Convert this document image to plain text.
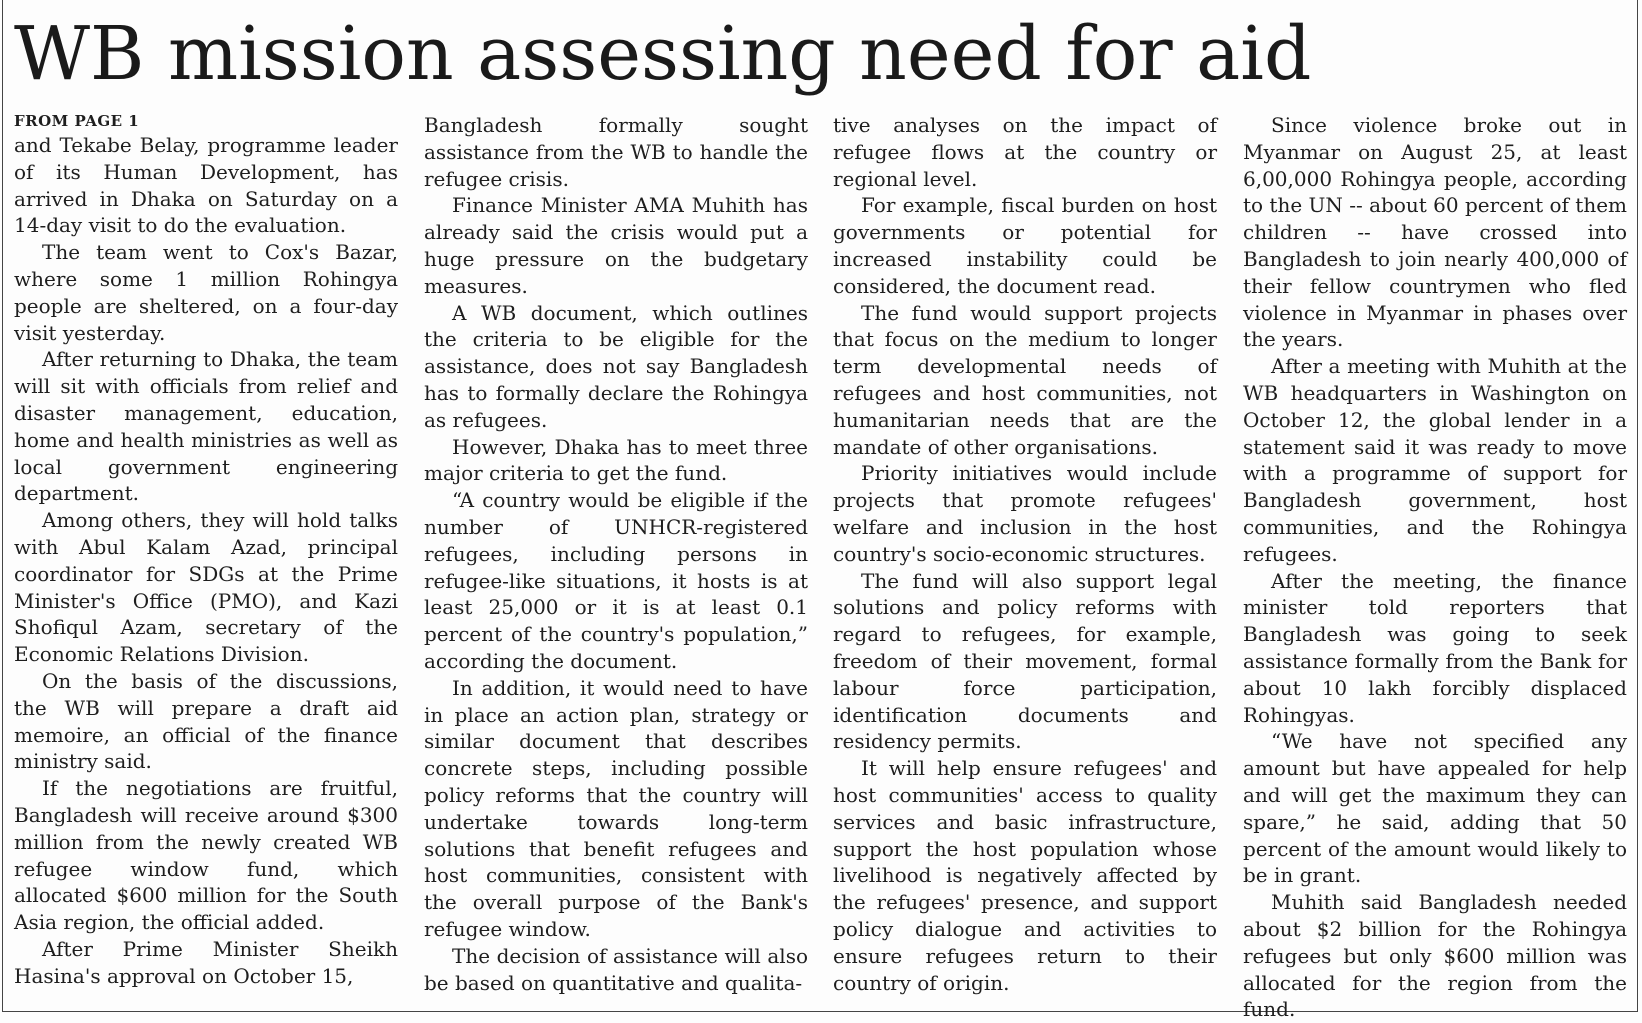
WB mission assessing need for aid
FROM PAGE 1

and Tekabe Belay, programme leader of its Human Development, has arrived in Dhaka on Saturday on a 14-day visit to do the evaluation.

The team went to Cox's Bazar, where some 1 million Rohingya people are sheltered, on a four-day visit yesterday.

After returning to Dhaka, the team will sit with officials from relief and disaster management, education, home and health ministries as well as local government engineering department.

Among others, they will hold talks with Abul Kalam Azad, principal coordinator for SDGs at the Prime Minister's Office (PMO), and Kazi Shofiqul Azam, secretary of the Economic Relations Division.

On the basis of the discussions, the WB will prepare a draft aid memoire, an official of the finance ministry said.

If the negotiations are fruitful, Bangladesh will receive around $300 million from the newly created WB refugee window fund, which allocated $600 million for the South Asia region, the official added.

After Prime Minister Sheikh Hasina's approval on October 15,

Bangladesh formally sought assistance from the WB to handle the refugee crisis.

Finance Minister AMA Muhith has already said the crisis would put a huge pressure on the budgetary measures.

A WB document, which outlines the criteria to be eligible for the assistance, does not say Bangladesh has to formally declare the Rohingya as refugees.

However, Dhaka has to meet three major criteria to get the fund.

“A country would be eligible if the number of UNHCR-registered refugees, including persons in refugee-like situations, it hosts is at least 25,000 or it is at least 0.1 percent of the country's population,” according the document.

In addition, it would need to have in place an action plan, strategy or similar document that describes concrete steps, including possible policy reforms that the country will undertake towards long-term solutions that benefit refugees and host communities, consistent with the overall purpose of the Bank's refugee window.

The decision of assistance will also be based on quantitative and qualita-

tive analyses on the impact of refugee flows at the country or regional level.

For example, fiscal burden on host governments or potential for increased instability could be considered, the document read.

The fund would support projects that focus on the medium to longer term developmental needs of refugees and host communities, not humanitarian needs that are the mandate of other organisations.

Priority initiatives would include projects that promote refugees' welfare and inclusion in the host country's socio-economic structures.

The fund will also support legal solutions and policy reforms with regard to refugees, for example, freedom of their movement, formal labour force participation, identification documents and residency permits.

It will help ensure refugees' and host communities' access to quality services and basic infrastructure, support the host population whose livelihood is negatively affected by the refugees' presence, and support policy dialogue and activities to ensure refugees return to their country of origin.

Since violence broke out in Myanmar on August 25, at least 6,00,000 Rohingya people, according to the UN -- about 60 percent of them children -- have crossed into Bangladesh to join nearly 400,000 of their fellow countrymen who fled violence in Myanmar in phases over the years.

After a meeting with Muhith at the WB headquarters in Washington on October 12, the global lender in a statement said it was ready to move with a programme of support for Bangladesh government, host communities, and the Rohingya refugees.

After the meeting, the finance minister told reporters that Bangladesh was going to seek assistance formally from the Bank for about 10 lakh forcibly displaced Rohingyas.

“We have not specified any amount but have appealed for help and will get the maximum they can spare,” he said, adding that 50 percent of the amount would likely to be in grant.

Muhith said Bangladesh needed about $2 billion for the Rohingya refugees but only $600 million was allocated for the region from the fund.
